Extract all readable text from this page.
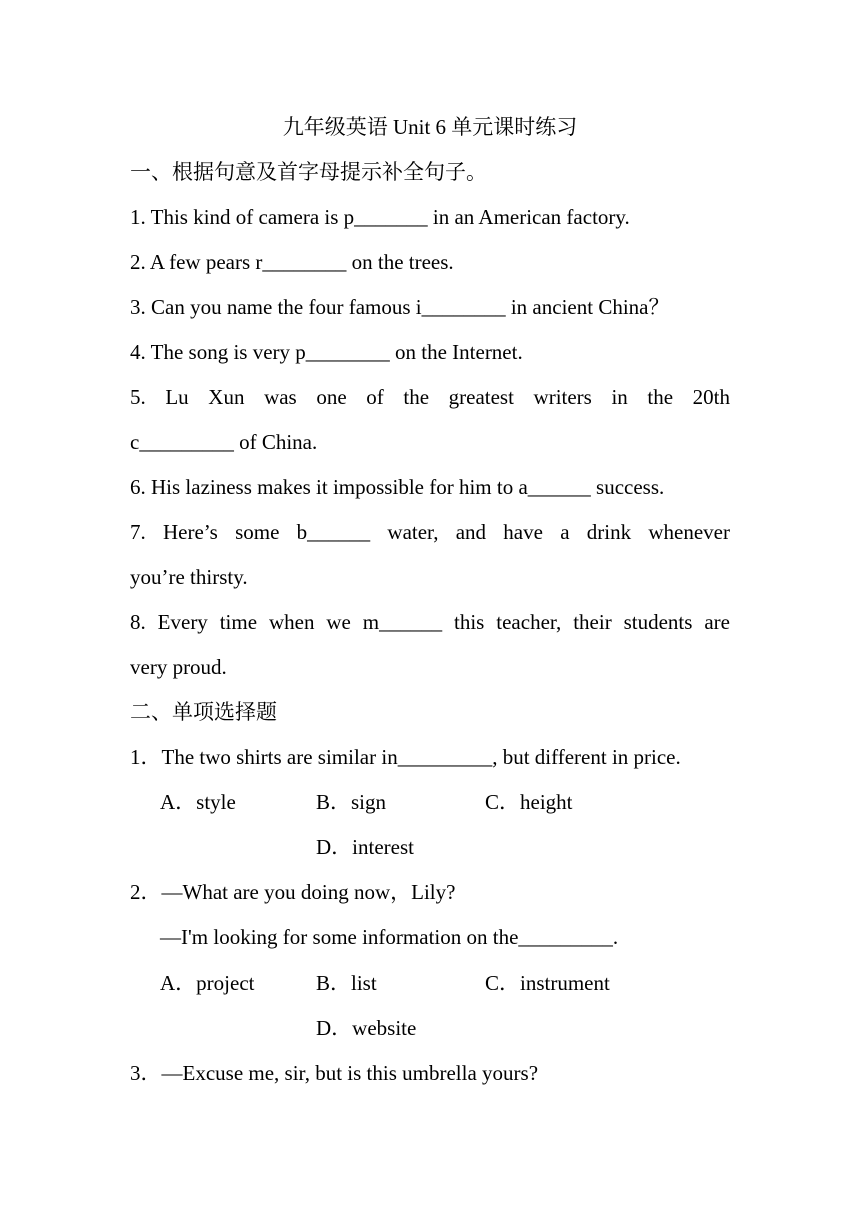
九年级英语 Unit 6 单元课时练习
一、根据句意及首字母提示补全句子。
1. This kind of camera is p_______ in an American factory.
2. A few pears r________ on the trees.
3. Can you name the four famous i________ in ancient China？
4. The song is very p________ on the Internet.
5. Lu Xun was one of the greatest writers in the 20th
c_________ of China.
6. His laziness makes it impossible for him to a______ success.
7. Here’s some b______ water, and have a drink whenever
you’re thirsty.
8. Every time when we m______ this teacher, their students are
very proud.
二、单项选择题
1．The two shirts are similar in_________, but different in price.
A．style	B．sign	C．height
D．interest
2．—What are you doing now，Lily?
—I'm looking for some information on the_________.
A．project	B．list	C．instrument
D．website
3．—Excuse me, sir, but is this umbrella yours?
